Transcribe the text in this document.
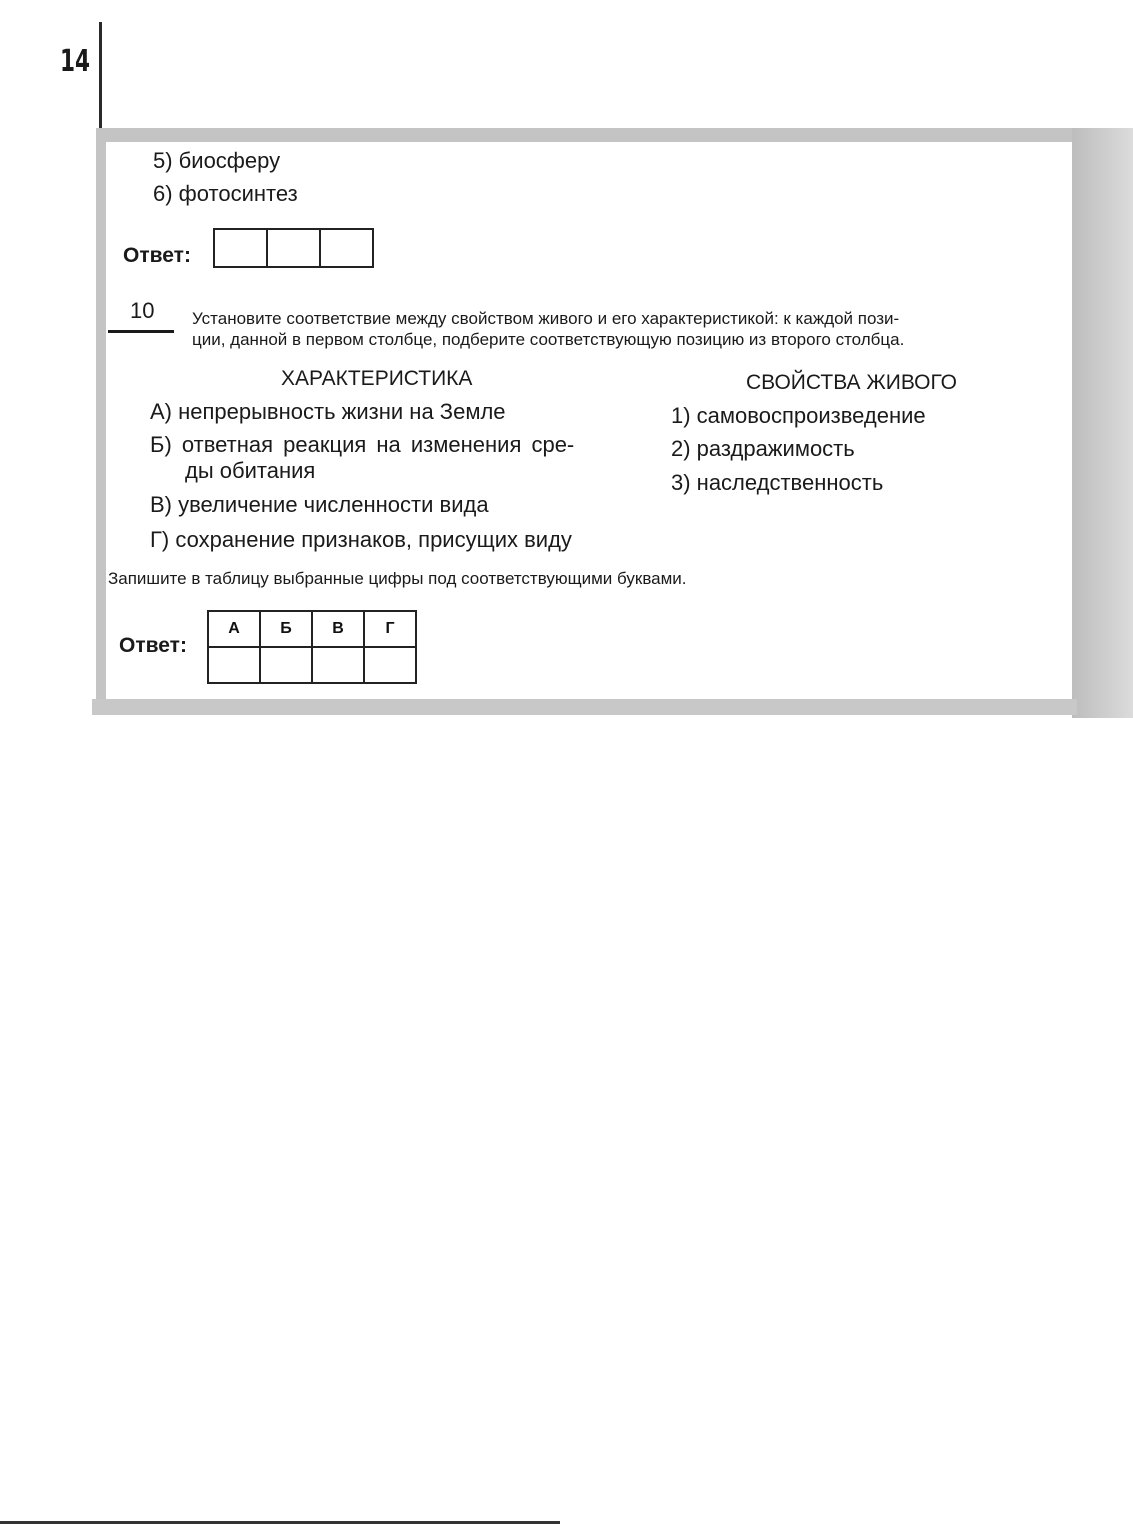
14
5) биосферу
6) фотосинтез
Ответ:
10 Установите соответствие между свойством живого и его характеристикой: к каждой пози-
ции, данной в первом столбце, подберите соответствующую позицию из второго столбца.
ХАРАКТЕРИСТИКА	СВОЙСТВА ЖИВОГО
А) непрерывность жизни на Земле
Б) ответная реакция на изменения сре-
ды обитания
В) увеличение численности вида
Г) сохранение признаков, присущих виду
1) самовоспроизведение
2) раздражимость
3) наследственность
Запишите в таблицу выбранные цифры под соответствующими буквами.
Ответ:
А	Б	В	Г
